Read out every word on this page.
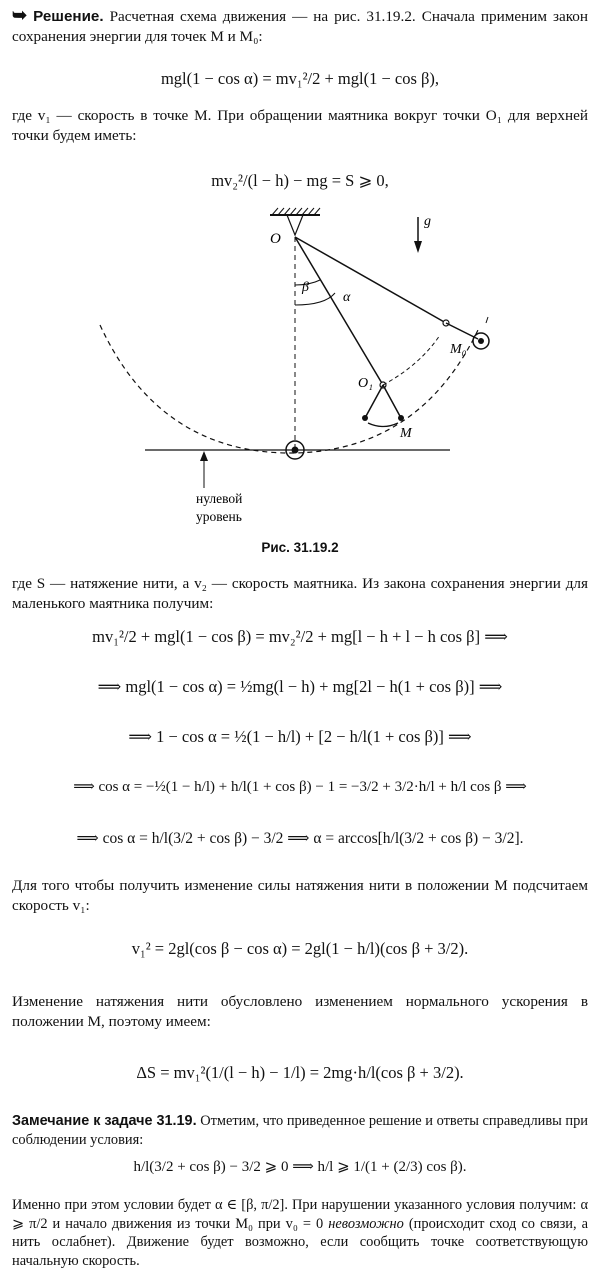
➥ Решение. Расчетная схема движения — на рис. 31.19.2. Сначала применим закон сохранения энергии для точек M и M₀:
mgl(1 − cos α) = mv₁²/2 + mgl(1 − cos β),
где v₁ — скорость в точке M. При обращении маятника вокруг точки O₁ для верхней точки будем иметь:
mv₂²/(l − h) − mg = S ⩾ 0,
O
g
β
α
M₀
O₁
M
нулевой
уровень
Рис. 31.19.2
где S — натяжение нити, а v₂ — скорость маятника. Из закона сохранения энергии для маленького маятника получим:
mv₁²/2 + mgl(1 − cos β) = mv₂²/2 + mg[l − h + l − h cos β] ⟹
⟹ mgl(1 − cos α) = ½mg(l − h) + mg[2l − h(1 + cos β)] ⟹
⟹ 1 − cos α = ½(1 − h/l) + [2 − h/l(1 + cos β)] ⟹
⟹ cos α = −½(1 − h/l) + h/l(1 + cos β) − 1 = −3/2 + 3/2·h/l + h/l cos β ⟹
⟹ cos α = h/l(3/2 + cos β) − 3/2 ⟹ α = arccos[h/l(3/2 + cos β) − 3/2].
Для того чтобы получить изменение силы натяжения нити в положении M подсчитаем скорость v₁:
v₁² = 2gl(cos β − cos α) = 2gl(1 − h/l)(cos β + 3/2).
Изменение натяжения нити обусловлено изменением нормального ускорения в положении M, поэтому имеем:
ΔS = mv₁²(1/(l − h) − 1/l) = 2mg·h/l(cos β + 3/2).
Замечание к задаче 31.19. Отметим, что приведенное решение и ответы справедливы при соблюдении условия:
h/l(3/2 + cos β) − 3/2 ⩾ 0 ⟹ h/l ⩾ 1/(1 + (2/3) cos β).
Именно при этом условии будет α ∈ [β, π/2]. При нарушении указанного условия получим: α ⩾ π/2 и начало движения из точки M₀ при v₀ = 0 невозможно (происходит сход со связи, а нить ослабнет). Движение будет возможно, если сообщить точке соответствующую начальную скорость.
